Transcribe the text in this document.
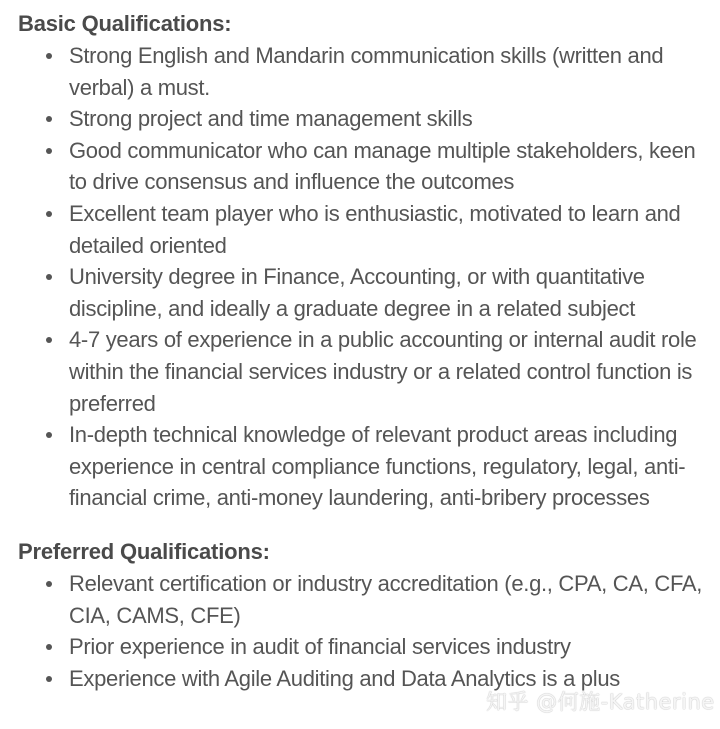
Basic Qualifications:
Strong English and Mandarin communication skills (written and verbal) a must.
Strong project and time management skills
Good communicator who can manage multiple stakeholders, keen to drive consensus and influence the outcomes
Excellent team player who is enthusiastic, motivated to learn and detailed oriented
University degree in Finance, Accounting, or with quantitative discipline, and ideally a graduate degree in a related subject
4-7 years of experience in a public accounting or internal audit role within the financial services industry or a related control function is preferred
In-depth technical knowledge of relevant product areas including experience in central compliance functions, regulatory, legal, anti-financial crime, anti-money laundering, anti-bribery processes
Preferred Qualifications:
Relevant certification or industry accreditation (e.g., CPA, CA, CFA, CIA, CAMS, CFE)
Prior experience in audit of financial services industry
Experience with Agile Auditing and Data Analytics is a plus
知乎 @何施-Katherine
